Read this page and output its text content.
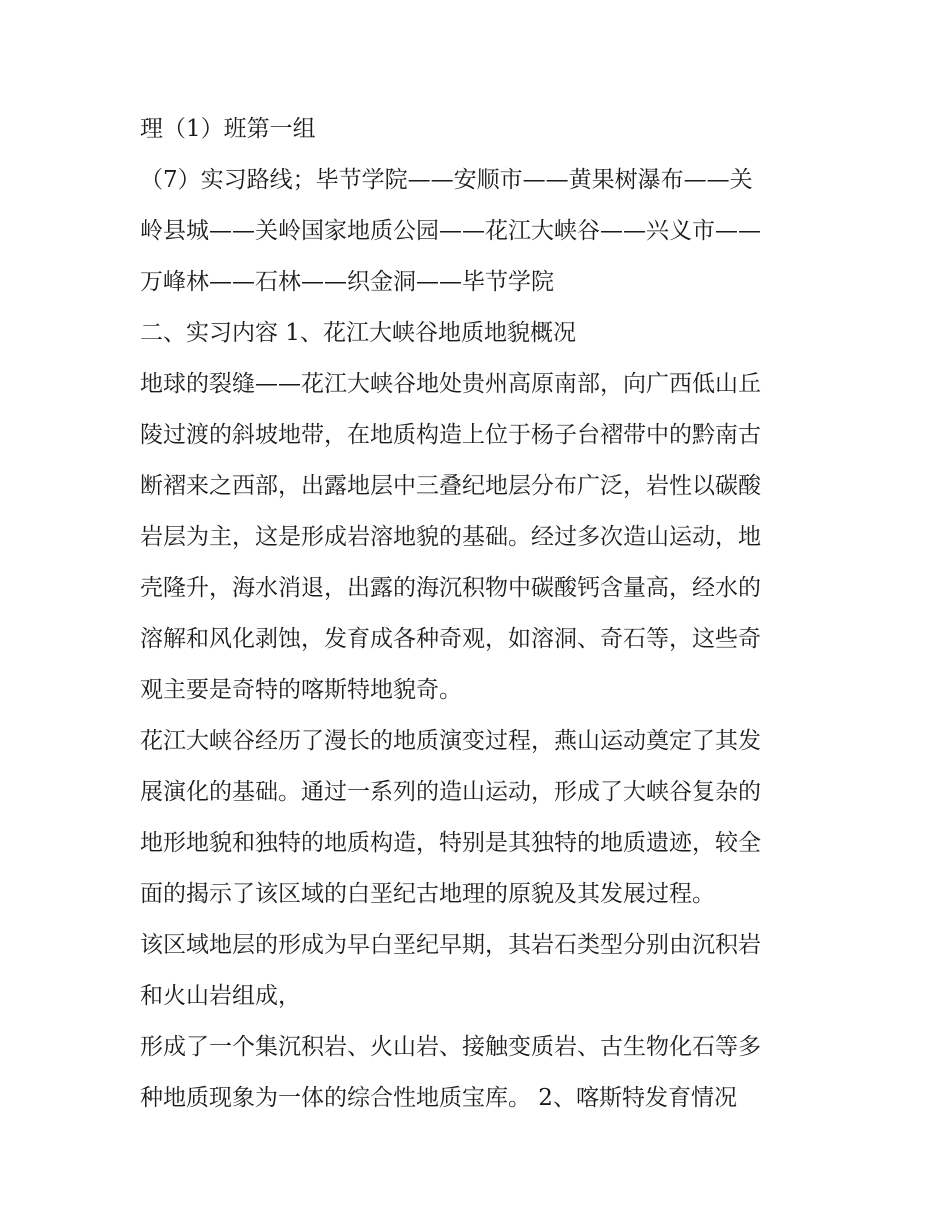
理（1）班第一组
（7）实习路线；毕节学院——安顺市——黄果树瀑布——关
岭县城——关岭国家地质公园——花江大峡谷——兴义市——
万峰林——石林——织金洞——毕节学院
二、实习内容 1、花江大峡谷地质地貌概况
地球的裂缝——花江大峡谷地处贵州高原南部，向广西低山丘
陵过渡的斜坡地带，在地质构造上位于杨子台褶带中的黔南古
断褶来之西部，出露地层中三叠纪地层分布广泛，岩性以碳酸
岩层为主，这是形成岩溶地貌的基础。经过多次造山运动，地
壳隆升，海水消退，出露的海沉积物中碳酸钙含量高，经水的
溶解和风化剥蚀，发育成各种奇观，如溶洞、奇石等，这些奇
观主要是奇特的喀斯特地貌奇。
花江大峡谷经历了漫长的地质演变过程，燕山运动奠定了其发
展演化的基础。通过一系列的造山运动，形成了大峡谷复杂的
地形地貌和独特的地质构造，特别是其独特的地质遗迹，较全
面的揭示了该区域的白垩纪古地理的原貌及其发展过程。
该区域地层的形成为早白垩纪早期，其岩石类型分别由沉积岩
和火山岩组成，
形成了一个集沉积岩、火山岩、接触变质岩、古生物化石等多
种地质现象为一体的综合性地质宝库。 2、喀斯特发育情况
